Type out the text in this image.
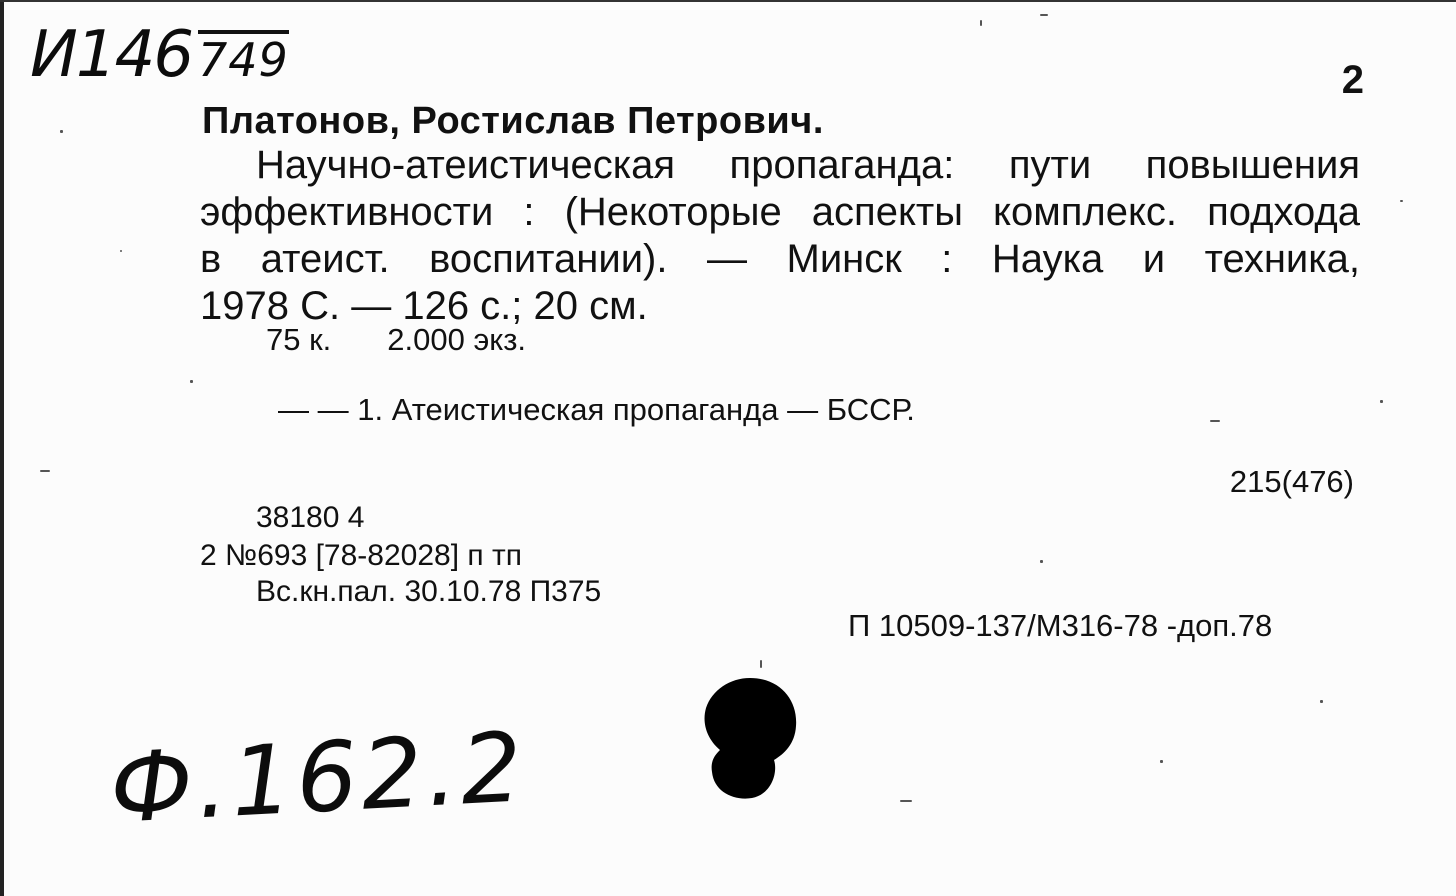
И146 749	2
Платонов, Ростислав Петрович.
Научно-атеистическая пропаганда: пути повышения
эффективности : (Некоторые аспекты комплекс. подхода
в атеист. воспитании). — Минск : Наука и техника,
1978 С. — 126 с.; 20 см.
75 к. 2.000 экз.
— — 1. Атеистическая пропаганда — БССР.
215(476)
38180 4
2 №693 [78-82028] п тп
Вс.кн.пал. 30.10.78 П375
П 10509-137/М316-78 -доп.78
Ф.162.2
